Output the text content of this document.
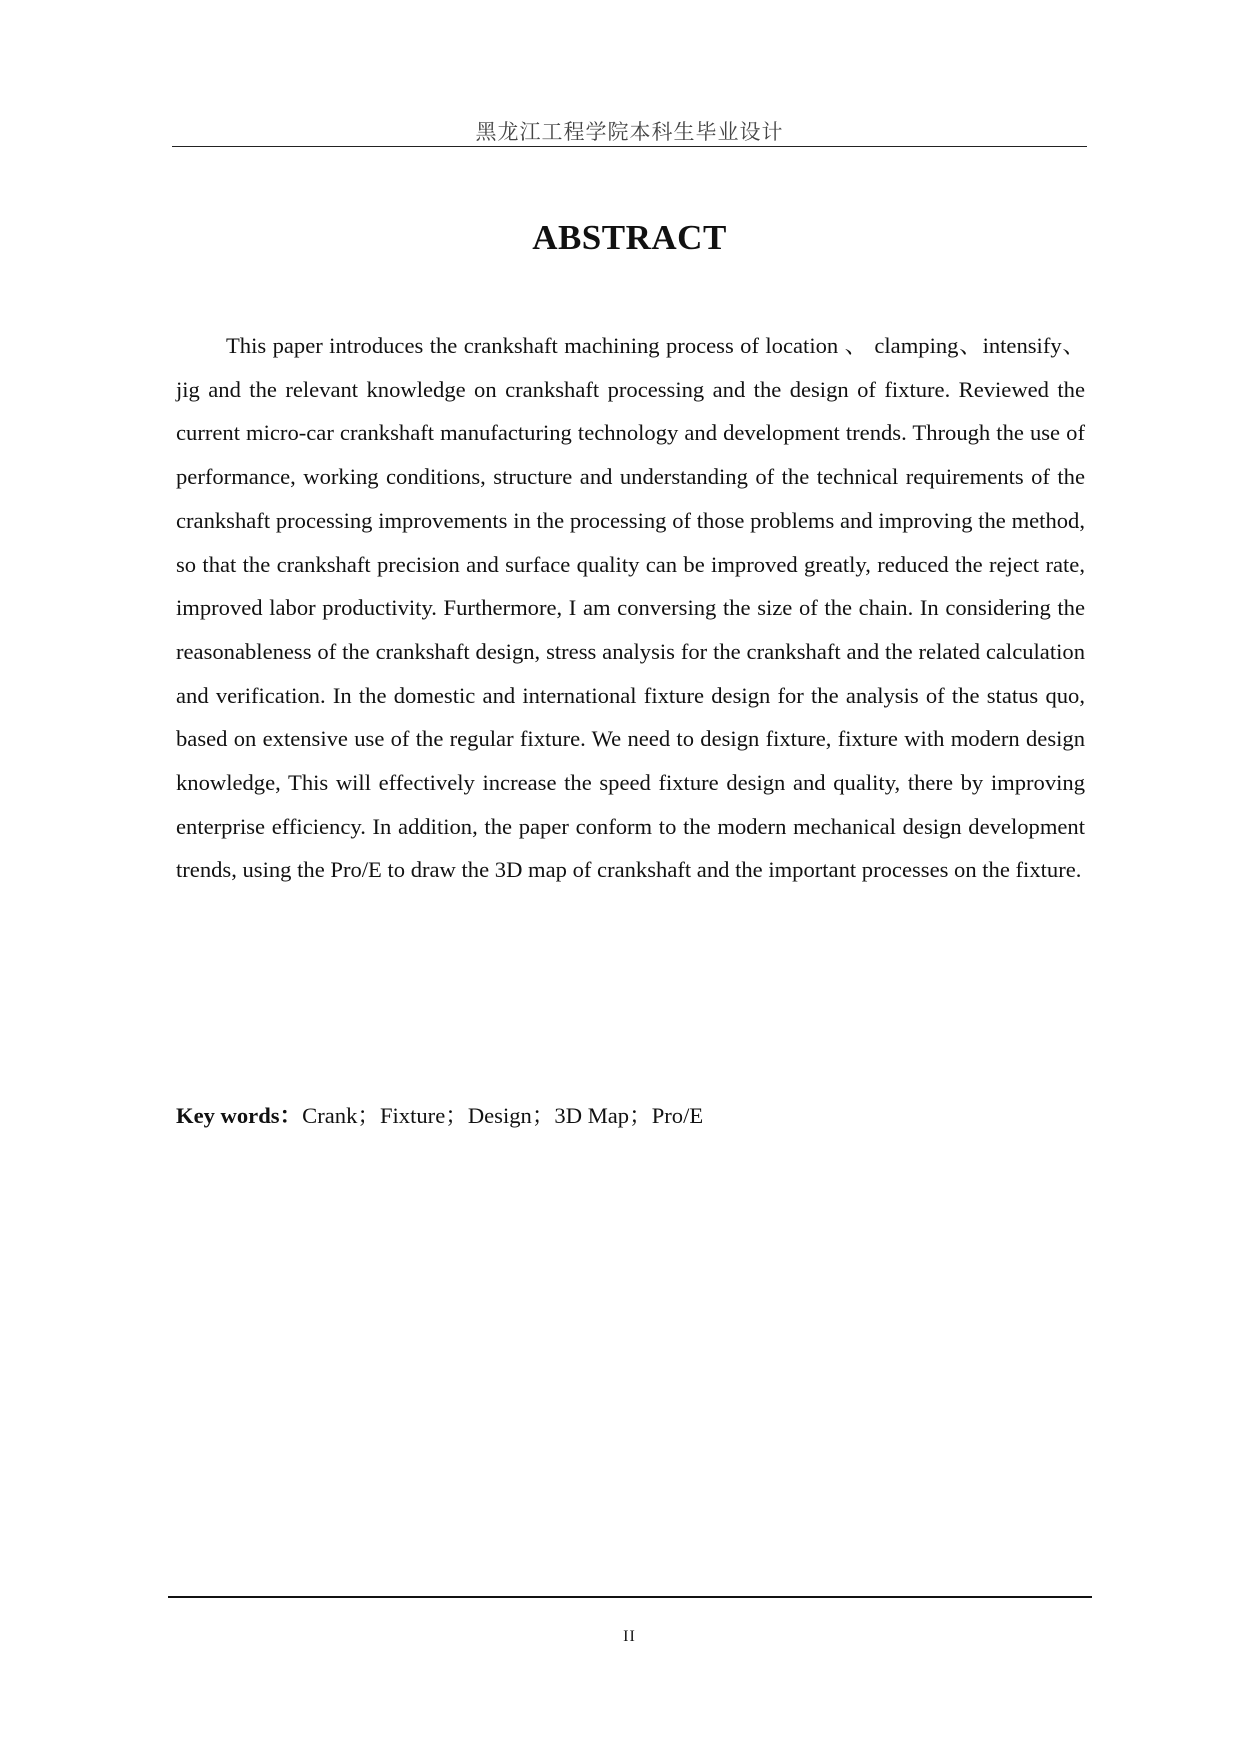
黑龙江工程学院本科生毕业设计
ABSTRACT

This paper introduces the crankshaft machining process of location 、 clamping、intensify、jig and the relevant knowledge on crankshaft processing and the design of fixture. Reviewed the current micro-car crankshaft manufacturing technology and development trends. Through the use of performance, working conditions, structure and understanding of the technical requirements of the crankshaft processing improvements in the processing of those problems and improving the method, so that the crankshaft precision and surface quality can be improved greatly, reduced the reject rate, improved labor productivity. Furthermore, I am conversing the size of the chain. In considering the reasonableness of the crankshaft design, stress analysis for the crankshaft and the related calculation and verification. In the domestic and international fixture design for the analysis of the status quo, based on extensive use of the regular fixture. We need to design fixture, fixture with modern design knowledge, This will effectively increase the speed fixture design and quality, there by improving enterprise efficiency. In addition, the paper conform to the modern mechanical design development trends, using the Pro/E to draw the 3D map of crankshaft and the important processes on the fixture.

Key words：Crank；Fixture；Design；3D Map；Pro/E

II
